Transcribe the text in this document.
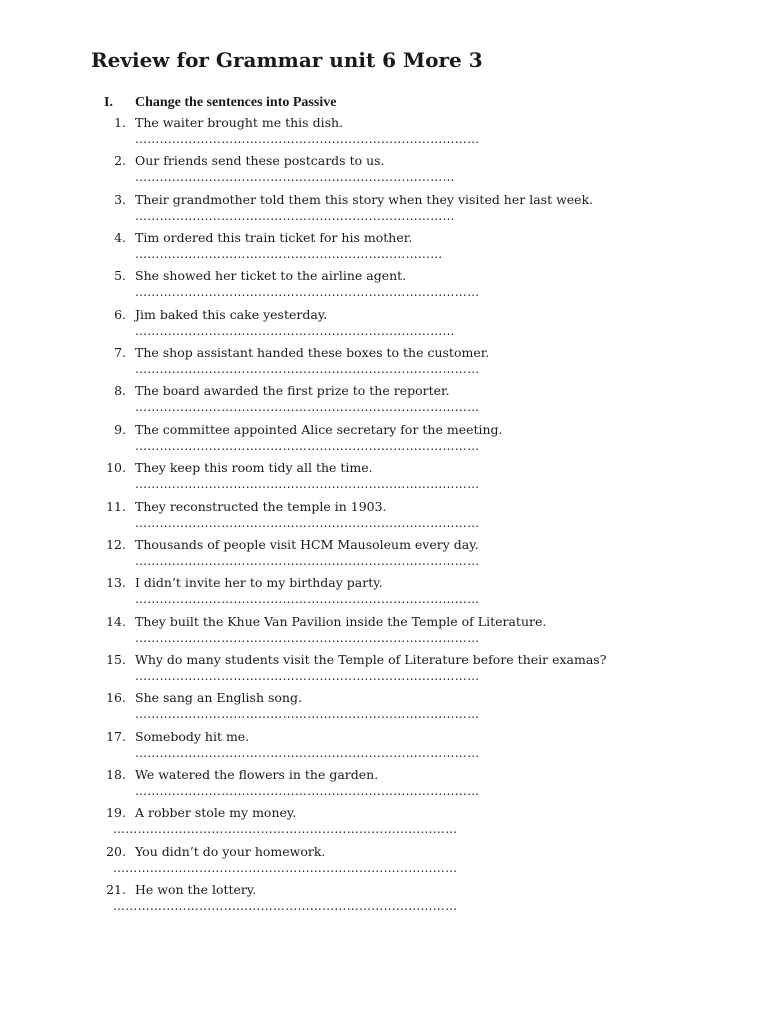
Review for Grammar unit 6 More 3
I. Change the sentences into Passive
1. The waiter brought me this dish.
…………………………………………………………………………
2. Our friends send these postcards to us.
……………………………………………………………………
3. Their grandmother told them this story when they visited her last week.
……………………………………………………………………
4. Tim ordered this train ticket for his mother.
…………………………………………………………………
5. She showed her ticket to the airline agent.
…………………………………………………………………………
6. Jim baked this cake yesterday.
……………………………………………………………………
7. The shop assistant handed these boxes to the customer.
…………………………………………………………………………
8. The board awarded the first prize to the reporter.
…………………………………………………………………………
9. The committee appointed Alice secretary for the meeting.
…………………………………………………………………………
10. They keep this room tidy all the time.
…………………………………………………………………………
11. They reconstructed the temple in 1903.
…………………………………………………………………………
12. Thousands of people visit HCM Mausoleum every day.
…………………………………………………………………………
13. I didn’t invite her to my birthday party.
…………………………………………………………………………
14. They built the Khue Van Pavilion inside the Temple of Literature.
…………………………………………………………………………
15. Why do many students visit the Temple of Literature before their examas?
…………………………………………………………………………
16. She sang an English song.
…………………………………………………………………………
17. Somebody hit me.
…………………………………………………………………………
18. We watered the flowers in the garden.
…………………………………………………………………………
19. A robber stole my money.
…………………………………………………………………………
20. You didn’t do your homework.
…………………………………………………………………………
21. He won the lottery.
…………………………………………………………………………
